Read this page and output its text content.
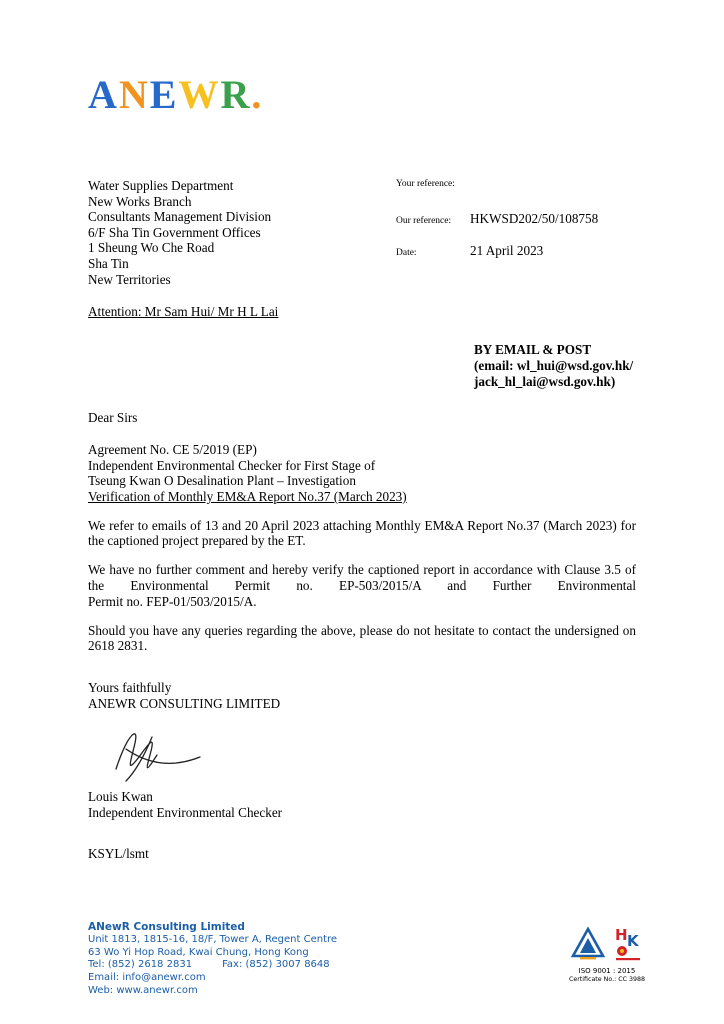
ANEWR.
Water Supplies Department
New Works Branch
Consultants Management Division
6/F Sha Tin Government Offices
1 Sheung Wo Che Road
Sha Tin
New Territories
Your reference:
Our reference:	HKWSD202/50/108758
Date:	21 April 2023
Attention: Mr Sam Hui/ Mr H L Lai
BY EMAIL & POST
(email: wl_hui@wsd.gov.hk/
jack_hl_lai@wsd.gov.hk)
Dear Sirs
Agreement No. CE 5/2019 (EP)
Independent Environmental Checker for First Stage of
Tseung Kwan O Desalination Plant – Investigation
Verification of Monthly EM&A Report No.37 (March 2023)
We refer to emails of 13 and 20 April 2023 attaching Monthly EM&A Report No.37 (March 2023) for
the captioned project prepared by the ET.
We have no further comment and hereby verify the captioned report in accordance with Clause 3.5 of
the Environmental Permit no. EP-503/2015/A and Further Environmental
Permit no. FEP-01/503/2015/A.
Should you have any queries regarding the above, please do not hesitate to contact the undersigned on
2618 2831.
Yours faithfully
ANEWR CONSULTING LIMITED
Louis Kwan
Independent Environmental Checker
KSYL/lsmt
ANewR Consulting Limited
Unit 1813, 1815-16, 18/F, Tower A, Regent Centre
63 Wo Yi Hop Road, Kwai Chung, Hong Kong
Tel: (852) 2618 2831	Fax: (852) 3007 8648
Email: info@anewr.com
Web: www.anewr.com
H K
ISO 9001 : 2015
Certificate No.: CC 3988
